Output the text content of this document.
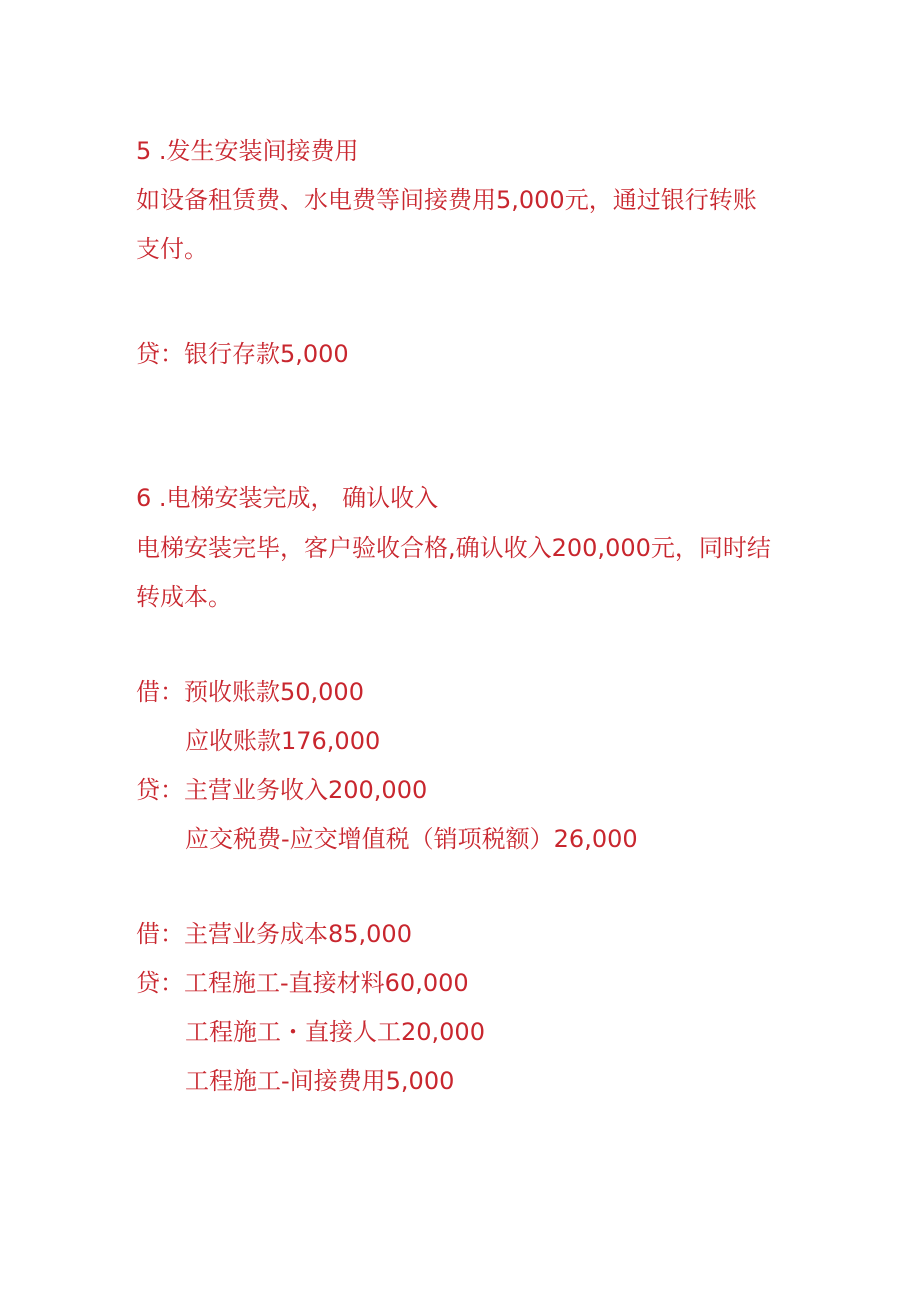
5 .发生安装间接费用
如设备租赁费、水电费等间接费用5,000元，通过银行转账
支付。
贷：银行存款5,000
6 .电梯安装完成， 确认收入
电梯安装完毕，客户验收合格,确认收入200,000元，同时结
转成本。
借：预收账款50,000
应收账款176,000
贷：主营业务收入200,000
应交税费-应交增值税（销项税额）26,000
借：主营业务成本85,000
贷：工程施工-直接材料60,000
工程施工・直接人工20,000
工程施工-间接费用5,000
